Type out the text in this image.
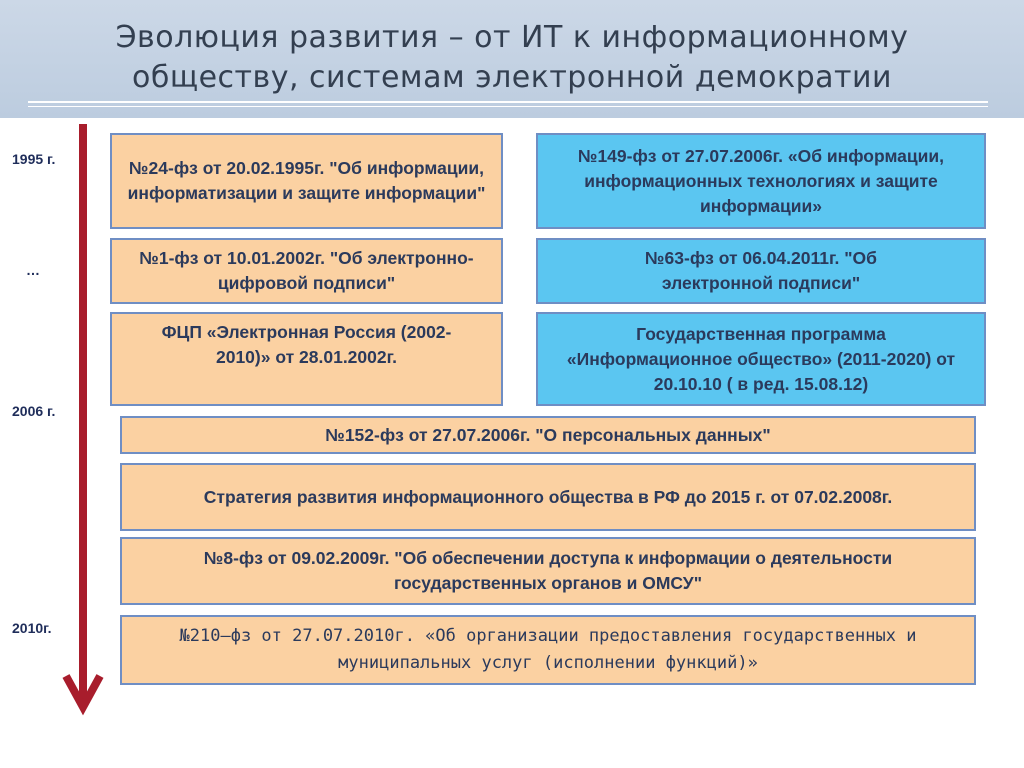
Эволюция развития – от ИТ к информационному
обществу, системам электронной демократии
1995 г.
…
2006 г.
2010г.
№24-фз от 20.02.1995г. "Об информации, информатизации и защите информации"
№1-фз от 10.01.2002г. "Об электронно-цифровой подписи"
ФЦП «Электронная Россия (2002-2010)» от 28.01.2002г.
№149-фз от 27.07.2006г. «Об информации, информационных технологиях и защите информации»
№63-фз от 06.04.2011г. "Об электронной подписи"
Государственная программа «Информационное общество» (2011-2020) от 20.10.10 ( в ред. 15.08.12)
№152-фз от 27.07.2006г. "О персональных данных"
Стратегия развития информационного общества в РФ до 2015 г. от 07.02.2008г.
№8-фз от 09.02.2009г. "Об обеспечении доступа к информации о деятельности государственных органов и ОМСУ"
№210–фз от 27.07.2010г. «Об организации предоставления государственных и муниципальных услуг (исполнении функций)»
